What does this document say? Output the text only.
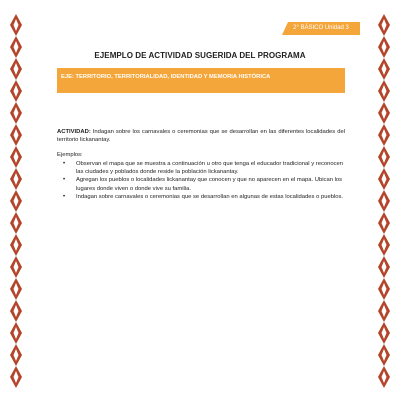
2° BÁSICO Unidad 3
EJEMPLO DE ACTIVIDAD SUGERIDA DEL PROGRAMA
EJE: TERRITORIO, TERRITORIALIDAD, IDENTIDAD Y MEMORIA HISTÓRICA

ACTIVIDAD: Indagan sobre los carnavales o ceremonias que se desarrollan en las diferentes localidades del territorio lickanantay.

Ejemplos:

• Observan el mapa que se muestra a continuación u otro que tenga el educador tradicional y reconocen las ciudades y poblados donde reside la población lickanantay.
• Agregan los pueblos o localidades lickanantay que conocen y que no aparecen en el mapa. Ubican los lugares donde viven o donde vive su familia.
• Indagan sobre carnavales o ceremonias que se desarrollan en algunas de estas localidades o pueblos.
